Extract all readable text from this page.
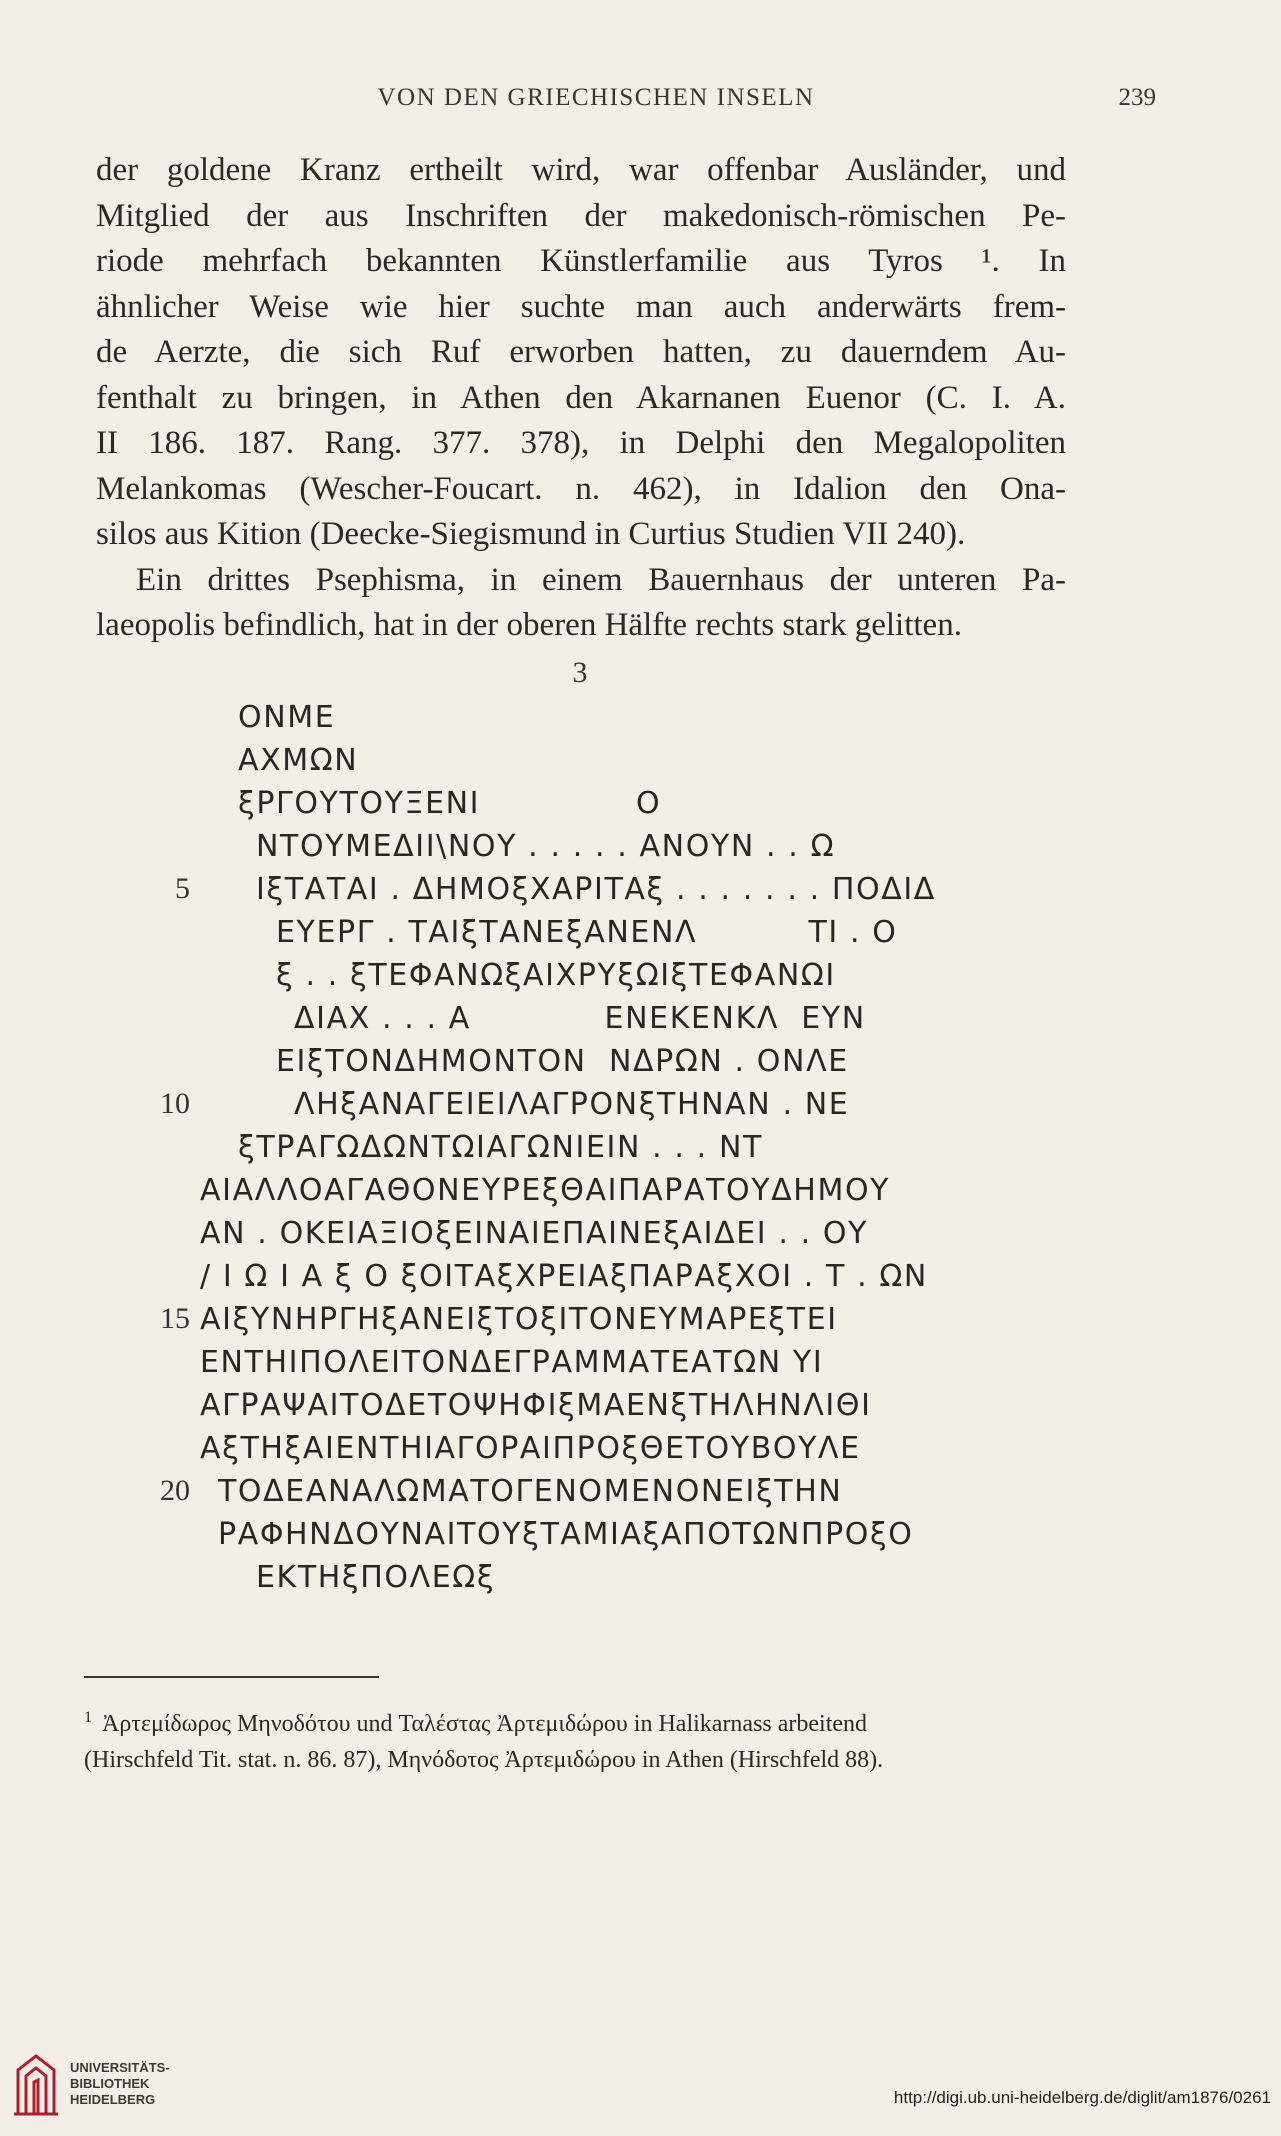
VON DEN GRIECHISCHEN INSELN	239
der goldene Kranz ertheilt wird, war offenbar Ausländer, und
Mitglied der aus Inschriften der makedonisch-römischen Pe-
riode mehrfach bekannten Künstlerfamilie aus Tyros ¹. In
ähnlicher Weise wie hier suchte man auch anderwärts frem-
de Aerzte, die sich Ruf erworben hatten, zu dauerndem Au-
fenthalt zu bringen, in Athen den Akarnanen Euenor (C. I. A.
II 186. 187. Rang. 377. 378), in Delphi den Megalopoliten
Melankomas (Wescher-Foucart. n. 462), in Idalion den Ona-
silos aus Kition (Deecke-Siegismund in Curtius Studien VII 240).
Ein drittes Psephisma, in einem Bauernhaus der unteren Pa-
laeopolis befindlich, hat in der oberen Hälfte rechts stark gelitten.
3
ΟΝΜΕ
ΑΧΜΩΝ
ξΡΓΟΥΤΟΥΞΕΝΙ              Ο
ΝΤΟΥΜΕΔΙΙ\ΝΟΥ . . . . . ΑΝΟΥΝ . . Ω
5 ΙξΤΑΤΑΙ . ΔΗΜΟξΧΑΡΙΤΑξ . . . . . . . ΠΟΔΙΔ
ΕΥΕΡΓ . ΤΑΙξΤΑΝΕξΑΝΕΝΛ          ΤΙ . Ο
ξ . . ξΤΕΦΑΝΩξΑΙΧΡΥξΩΙξΤΕΦΑΝΩΙ
ΔΙΑΧ . . . Α            ΕΝΕΚΕΝΚΛ  ΕΥΝ
ΕΙξΤΟΝΔΗΜΟΝΤΟΝ  ΝΔΡΩΝ . ΟΝΛΕ
10	ΛΗξΑΝΑΓΕΙΕΙΛΑΓΡΟΝξΤΗΝΑΝ . ΝΕ
ξΤΡΑΓΩΔΩΝΤΩΙΑΓΩΝΙΕΙΝ . . . ΝΤ
ΑΙΑΛΛΟΑΓΑΘΟΝΕΥΡΕξΘΑΙΠΑΡΑΤΟΥΔΗΜΟΥ
ΑΝ . ΟΚΕΙΑΞΙΟξΕΙΝΑΙΕΠΑΙΝΕξΑΙΔΕΙ . . ΟΥ
/ Ι Ω Ι Α ξ Ο ξΟΙΤΑξΧΡΕΙΑξΠΑΡΑξΧΟΙ . Τ . ΩΝ
15 ΑΙξΥΝΗΡΓΗξΑΝΕΙξΤΟξΙΤΟΝΕΥΜΑΡΕξΤΕΙ
ΕΝΤΗΙΠΟΛΕΙΤΟΝΔΕΓΡΑΜΜΑΤΕΑΤΩΝ ΥΙ
ΑΓΡΑΨΑΙΤΟΔΕΤΟΨΗΦΙξΜΑΕΝξΤΗΛΗΝΛΙΘΙ
ΑξΤΗξΑΙΕΝΤΗΙΑΓΟΡΑΙΠΡΟξΘΕΤΟΥΒΟΥΛΕ
20 ΤΟΔΕΑΝΑΛΩΜΑΤΟΓΕΝΟΜΕΝΟΝΕΙξΤΗΝ
ΡΑΦΗΝΔΟΥΝΑΙΤΟΥξΤΑΜΙΑξΑΠΟΤΩΝΠΡΟξΟ
ΕΚΤΗξΠΟΛΕΩξ
$^1$ Ἀρτεμίδωρος Μηνοδότου und Ταλέστας Ἀρτεμιδώρου in Halikarnass arbeitend
(Hirschfeld Tit. stat. n. 86. 87), Μηνόδοτος Ἀρτεμιδώρου in Athen (Hirschfeld 88).
UNIVERSITÄTS-
BIBLIOTHEK
HEIDELBERG	http://digi.ub.uni-heidelberg.de/diglit/am1876/0261
